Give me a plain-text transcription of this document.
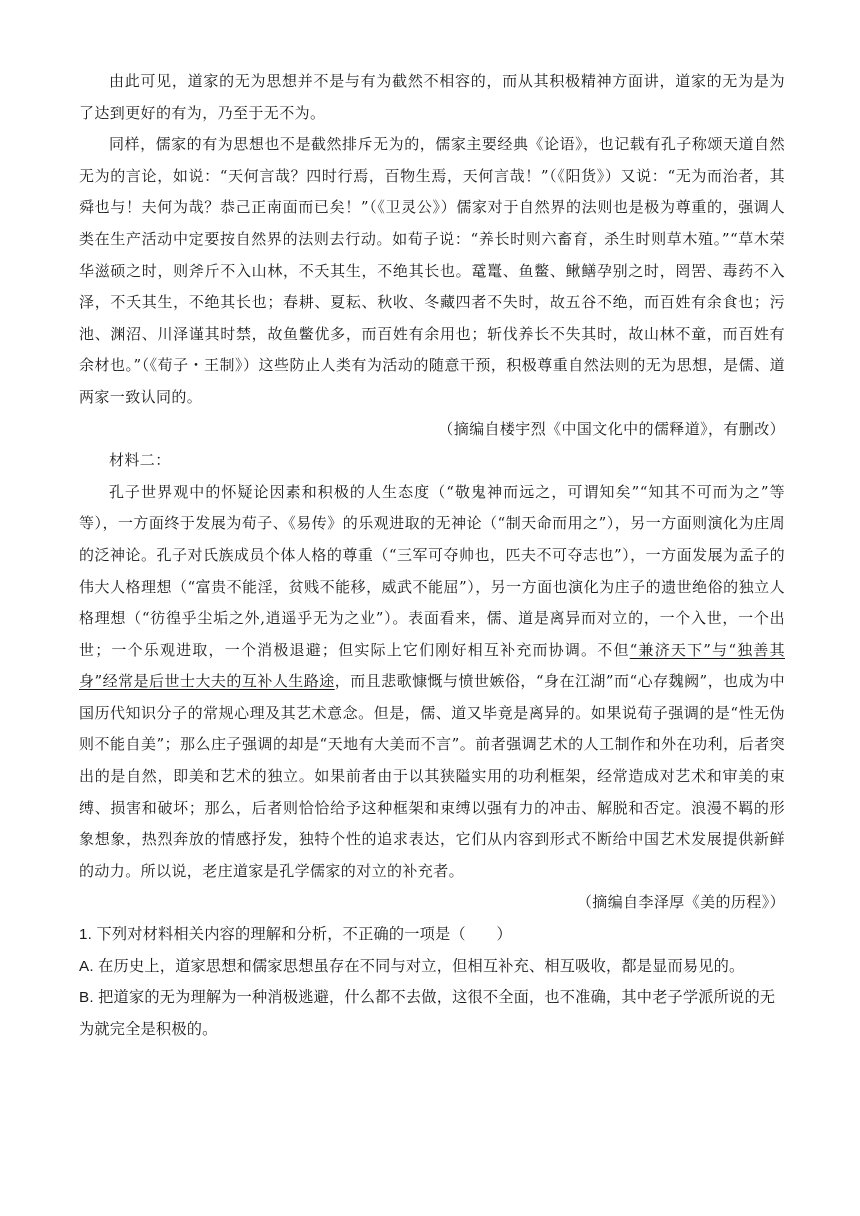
由此可见，道家的无为思想并不是与有为截然不相容的，而从其积极精神方面讲，道家的无为是为了达到更好的有为，乃至于无不为。

同样，儒家的有为思想也不是截然排斥无为的，儒家主要经典《论语》，也记载有孔子称颂天道自然无为的言论，如说：“天何言哉？四时行焉，百物生焉，天何言哉！”（《阳货》）又说：“无为而治者，其舜也与！夫何为哉？恭己正南面而已矣！”（《卫灵公》）儒家对于自然界的法则也是极为尊重的，强调人类在生产活动中定要按自然界的法则去行动。如荀子说：“养长时则六畜育，杀生时则草木殖。”“草木荣华滋硕之时，则斧斤不入山林，不夭其生，不绝其长也。鼋鼍、鱼鳖、鳅鳝孕别之时，罔罟、毒药不入泽，不夭其生，不绝其长也；春耕、夏耘、秋收、冬藏四者不失时，故五谷不绝，而百姓有余食也；污池、渊沼、川泽谨其时禁，故鱼鳖优多，而百姓有余用也；斩伐养长不失其时，故山林不童，而百姓有余材也。”（《荀子・王制》）这些防止人类有为活动的随意干预，积极尊重自然法则的无为思想，是儒、道两家一致认同的。

（摘编自楼宇烈《中国文化中的儒释道》，有删改）

材料二：

孔子世界观中的怀疑论因素和积极的人生态度（“敬鬼神而远之，可谓知矣”“知其不可而为之”等等），一方面终于发展为荀子、《易传》的乐观进取的无神论（“制天命而用之”），另一方面则演化为庄周的泛神论。孔子对氏族成员个体人格的尊重（“三军可夺帅也，匹夫不可夺志也”），一方面发展为孟子的伟大人格理想（“富贵不能淫，贫贱不能移，威武不能屈”），另一方面也演化为庄子的遗世绝俗的独立人格理想（“彷徨乎尘垢之外,逍遥乎无为之业”）。表面看来，儒、道是离异而对立的，一个入世，一个出世；一个乐观进取，一个消极退避；但实际上它们刚好相互补充而协调。不但“兼济天下”与“独善其身”经常是后世士大夫的互补人生路途，而且悲歌慷慨与愤世嫉俗，“身在江湖”而“心存魏阙”，也成为中国历代知识分子的常规心理及其艺术意念。但是，儒、道又毕竟是离异的。如果说荀子强调的是“性无伪则不能自美”；那么庄子强调的却是“天地有大美而不言”。前者强调艺术的人工制作和外在功利，后者突出的是自然，即美和艺术的独立。如果前者由于以其狭隘实用的功利框架，经常造成对艺术和审美的束缚、损害和破坏；那么，后者则恰恰给予这种框架和束缚以强有力的冲击、解脱和否定。浪漫不羁的形象想象，热烈奔放的情感抒发，独特个性的追求表达，它们从内容到形式不断给中国艺术发展提供新鲜的动力。所以说，老庄道家是孔学儒家的对立的补充者。

（摘编自李泽厚《美的历程》）

1. 下列对材料相关内容的理解和分析，不正确的一项是（　　）

A. 在历史上，道家思想和儒家思想虽存在不同与对立，但相互补充、相互吸收，都是显而易见的。

B. 把道家的无为理解为一种消极逃避，什么都不去做，这很不全面，也不准确，其中老子学派所说的无为就完全是积极的。
